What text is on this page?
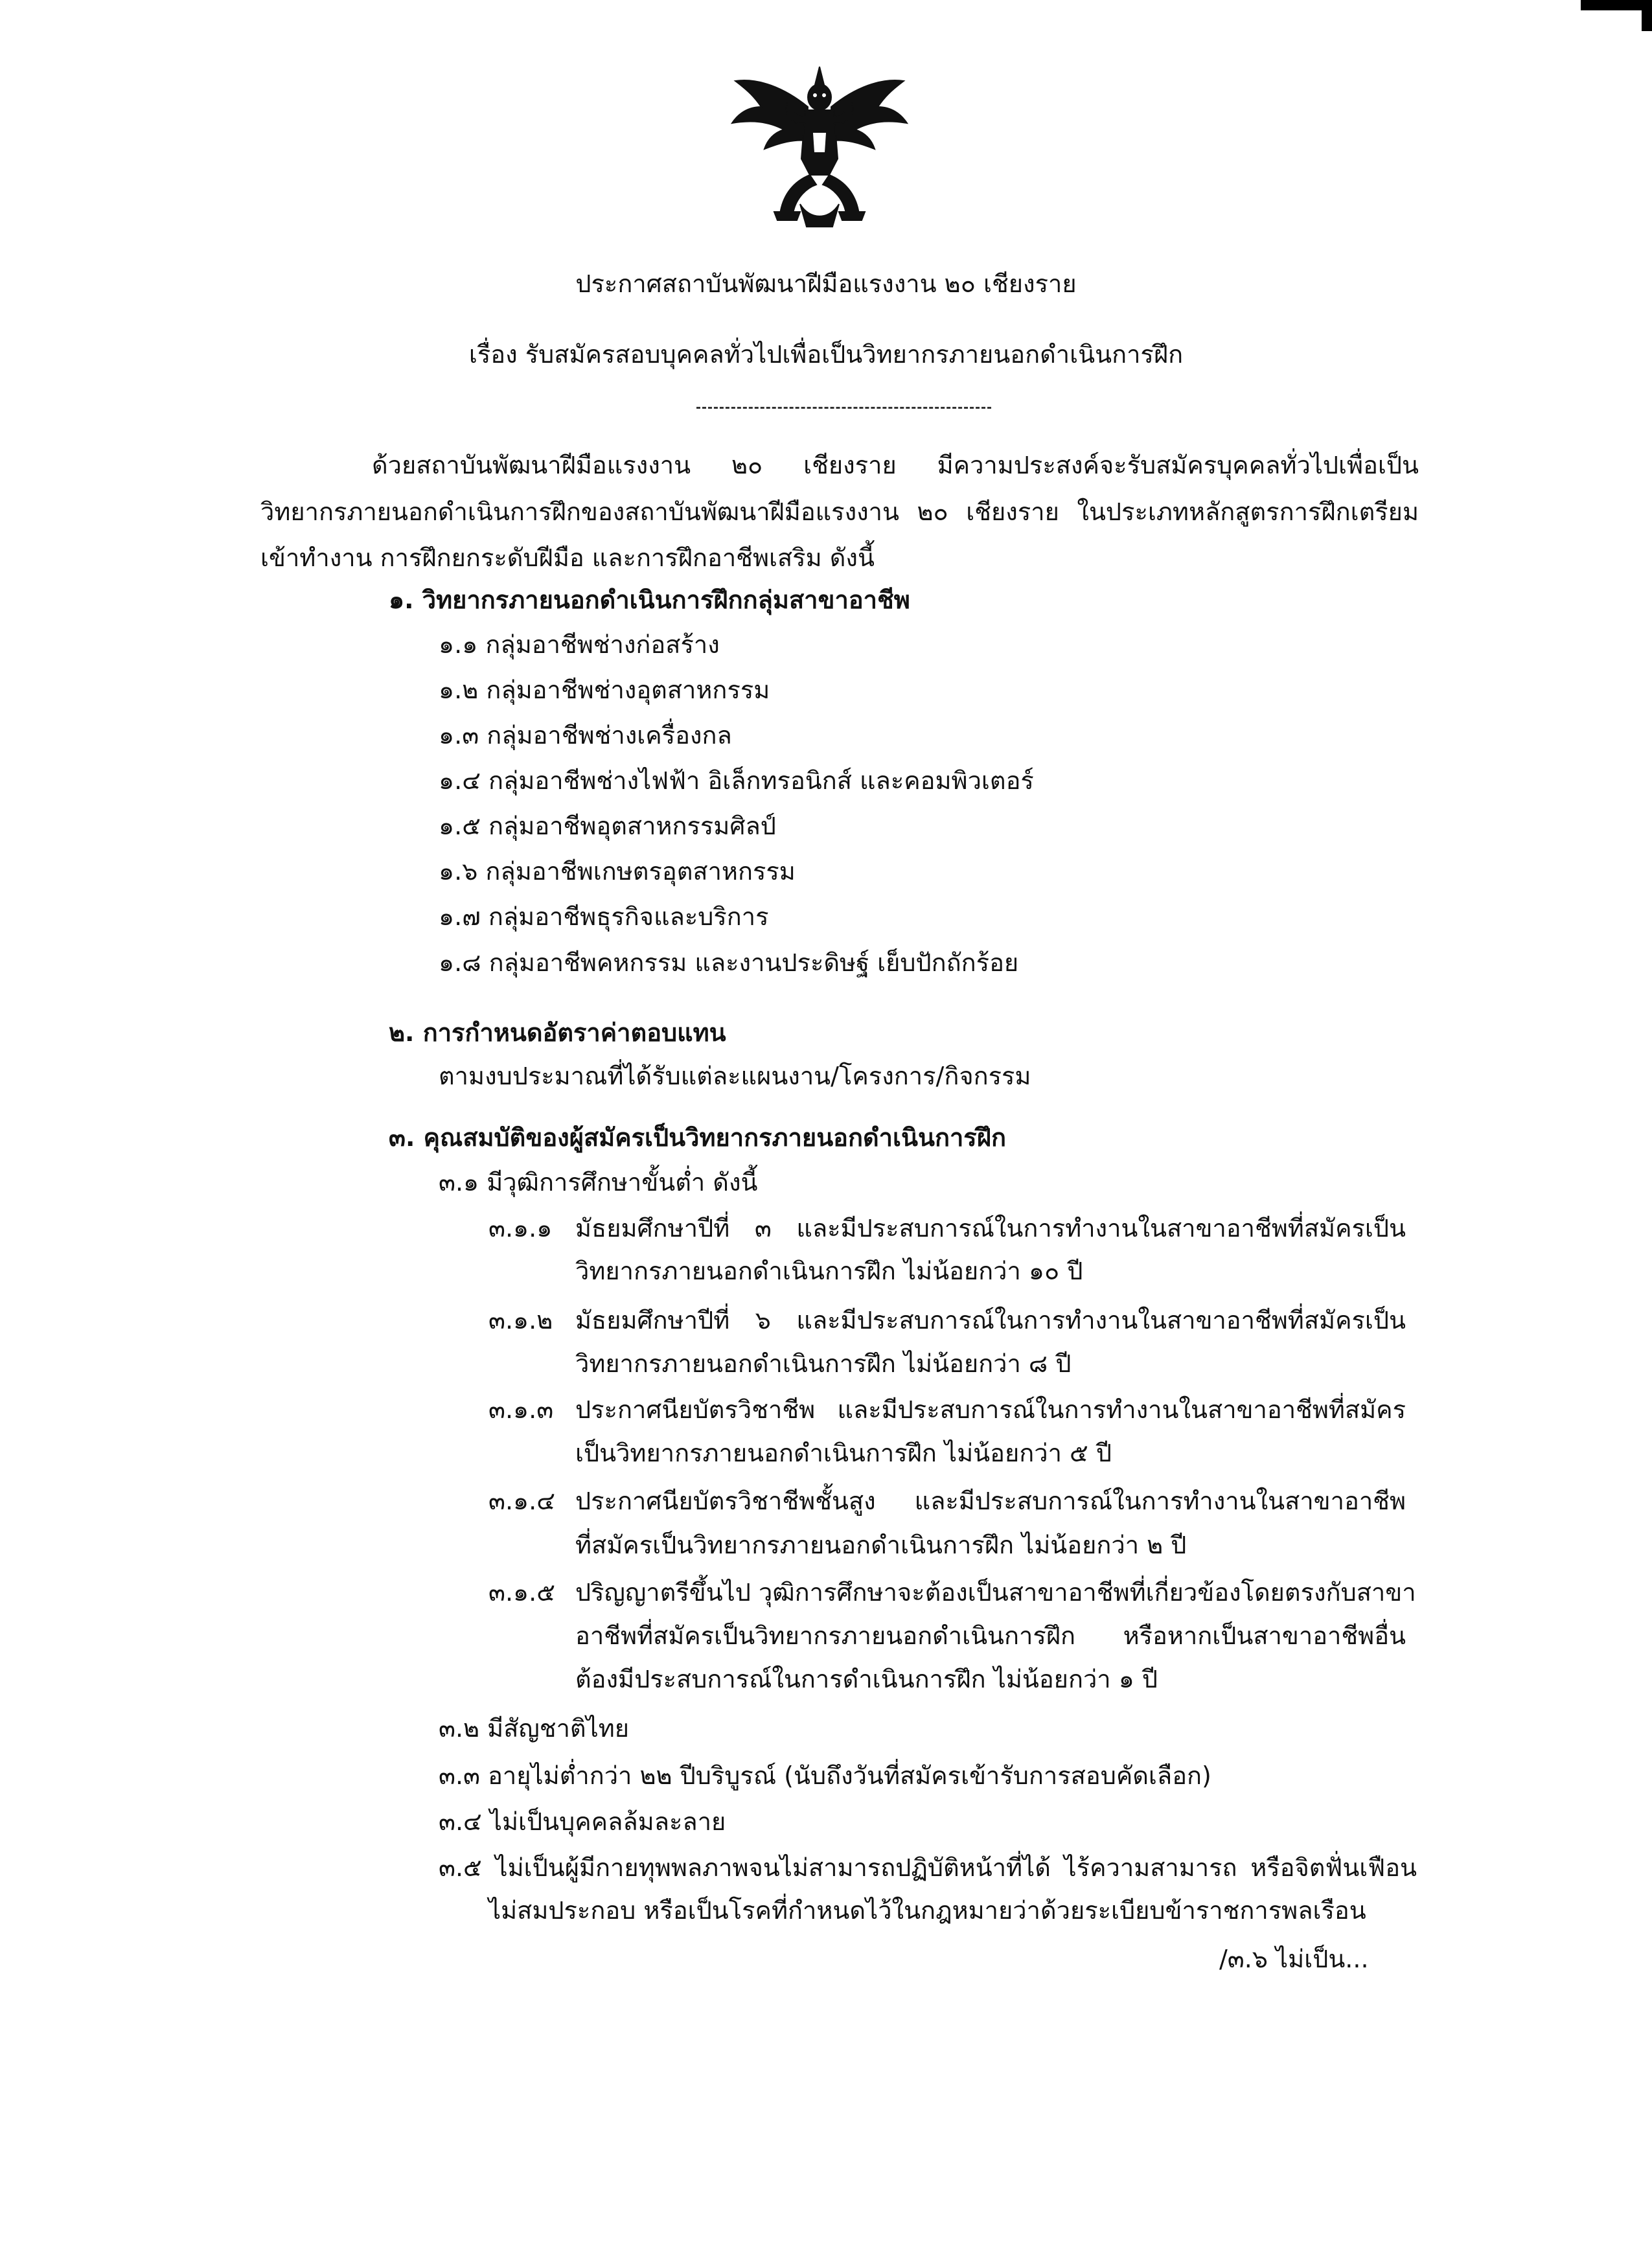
ประกาศสถาบันพัฒนาฝีมือแรงงาน ๒๐ เชียงราย
เรื่อง รับสมัครสอบบุคคลทั่วไปเพื่อเป็นวิทยากรภายนอกดำเนินการฝึก
ด้วยสถาบันพัฒนาฝีมือแรงงาน ๒๐ เชียงราย มีความประสงค์จะรับสมัครบุคคลทั่วไปเพื่อเป็น
วิทยากรภายนอกดำเนินการฝึกของสถาบันพัฒนาฝีมือแรงงาน ๒๐ เชียงราย ในประเภทหลักสูตรการฝึกเตรียม
เข้าทำงาน การฝึกยกระดับฝีมือ และการฝึกอาชีพเสริม ดังนี้
๑. วิทยากรภายนอกดำเนินการฝึกกลุ่มสาขาอาชีพ
๑.๑ กลุ่มอาชีพช่างก่อสร้าง
๑.๒ กลุ่มอาชีพช่างอุตสาหกรรม
๑.๓ กลุ่มอาชีพช่างเครื่องกล
๑.๔ กลุ่มอาชีพช่างไฟฟ้า อิเล็กทรอนิกส์ และคอมพิวเตอร์
๑.๕ กลุ่มอาชีพอุตสาหกรรมศิลป์
๑.๖ กลุ่มอาชีพเกษตรอุตสาหกรรม
๑.๗ กลุ่มอาชีพธุรกิจและบริการ
๑.๘ กลุ่มอาชีพคหกรรม และงานประดิษฐ์ เย็บปักถักร้อย
๒. การกำหนดอัตราค่าตอบแทน
ตามงบประมาณที่ได้รับแต่ละแผนงาน/โครงการ/กิจกรรม
๓. คุณสมบัติของผู้สมัครเป็นวิทยากรภายนอกดำเนินการฝึก
๓.๑ มีวุฒิการศึกษาขั้นต่ำ ดังนี้
๓.๑.๑ มัธยมศึกษาปีที่ ๓ และมีประสบการณ์ในการทำงานในสาขาอาชีพที่สมัครเป็น
วิทยากรภายนอกดำเนินการฝึก ไม่น้อยกว่า ๑๐ ปี
๓.๑.๒ มัธยมศึกษาปีที่ ๖ และมีประสบการณ์ในการทำงานในสาขาอาชีพที่สมัครเป็น
วิทยากรภายนอกดำเนินการฝึก ไม่น้อยกว่า ๘ ปี
๓.๑.๓ ประกาศนียบัตรวิชาชีพ และมีประสบการณ์ในการทำงานในสาขาอาชีพที่สมัคร
เป็นวิทยากรภายนอกดำเนินการฝึก ไม่น้อยกว่า ๕ ปี
๓.๑.๔ ประกาศนียบัตรวิชาชีพชั้นสูง และมีประสบการณ์ในการทำงานในสาขาอาชีพ
ที่สมัครเป็นวิทยากรภายนอกดำเนินการฝึก ไม่น้อยกว่า ๒ ปี
๓.๑.๕ ปริญญาตรีขึ้นไป วุฒิการศึกษาจะต้องเป็นสาขาอาชีพที่เกี่ยวข้องโดยตรงกับสาขา
อาชีพที่สมัครเป็นวิทยากรภายนอกดำเนินการฝึก หรือหากเป็นสาขาอาชีพอื่น
ต้องมีประสบการณ์ในการดำเนินการฝึก ไม่น้อยกว่า ๑ ปี
๓.๒ มีสัญชาติไทย
๓.๓ อายุไม่ต่ำกว่า ๒๒ ปีบริบูรณ์ (นับถึงวันที่สมัครเข้ารับการสอบคัดเลือก)
๓.๔ ไม่เป็นบุคคลล้มละลาย
๓.๕ ไม่เป็นผู้มีกายทุพพลภาพจนไม่สามารถปฏิบัติหน้าที่ได้ ไร้ความสามารถ หรือจิตฟั่นเฟือน
ไม่สมประกอบ หรือเป็นโรคที่กำหนดไว้ในกฎหมายว่าด้วยระเบียบข้าราชการพลเรือน
/๓.๖ ไม่เป็น...
